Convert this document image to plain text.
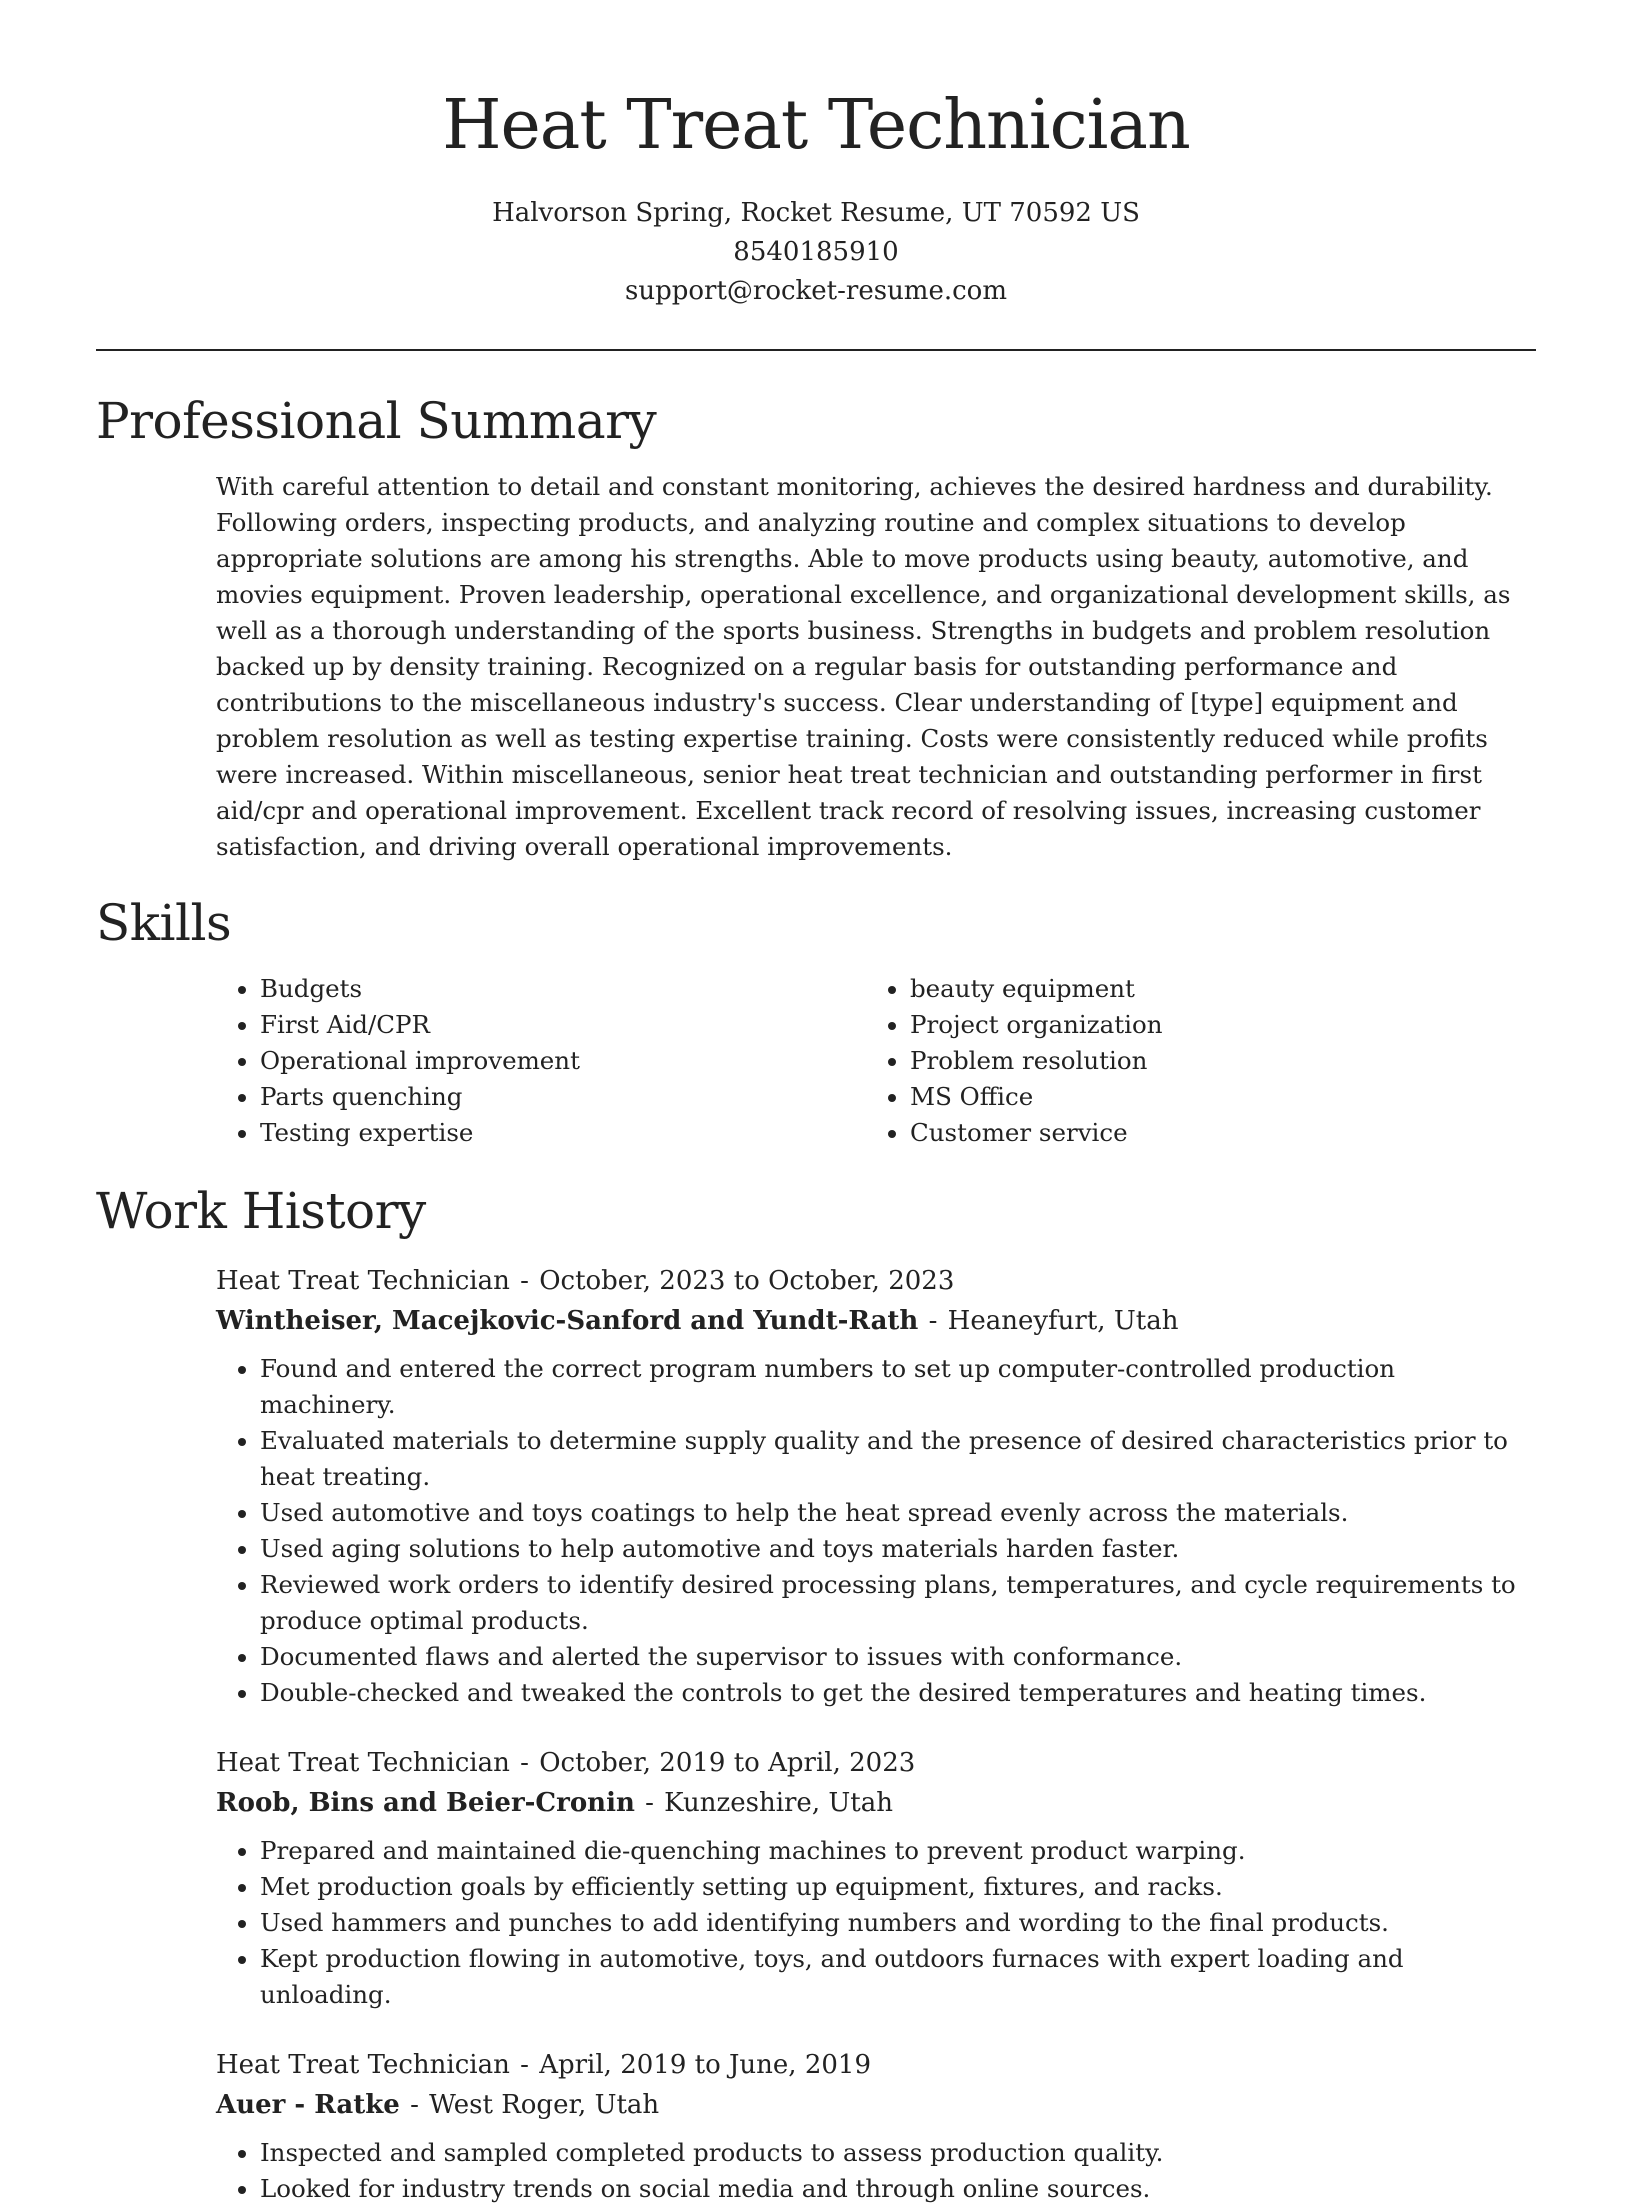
Heat Treat Technician
Halvorson Spring, Rocket Resume, UT 70592 US
8540185910
support@rocket-resume.com
Professional Summary

With careful attention to detail and constant monitoring, achieves the desired hardness and durability. Following orders, inspecting products, and analyzing routine and complex situations to develop appropriate solutions are among his strengths. Able to move products using beauty, automotive, and movies equipment. Proven leadership, operational excellence, and organizational development skills, as well as a thorough understanding of the sports business. Strengths in budgets and problem resolution backed up by density training. Recognized on a regular basis for outstanding performance and contributions to the miscellaneous industry's success. Clear understanding of [type] equipment and problem resolution as well as testing expertise training. Costs were consistently reduced while profits were increased. Within miscellaneous, senior heat treat technician and outstanding performer in first aid/cpr and operational improvement. Excellent track record of resolving issues, increasing customer satisfaction, and driving overall operational improvements.

Skills
• Budgets
• First Aid/CPR
• Operational improvement
• Parts quenching
• Testing expertise
• beauty equipment
• Project organization
• Problem resolution
• MS Office
• Customer service
Work History
Heat Treat Technician - October, 2023 to October, 2023
Wintheiser, Macejkovic-Sanford and Yundt-Rath - Heaneyfurt, Utah
• Found and entered the correct program numbers to set up computer-controlled production machinery.
• Evaluated materials to determine supply quality and the presence of desired characteristics prior to heat treating.
• Used automotive and toys coatings to help the heat spread evenly across the materials.
• Used aging solutions to help automotive and toys materials harden faster.
• Reviewed work orders to identify desired processing plans, temperatures, and cycle requirements to produce optimal products.
• Documented flaws and alerted the supervisor to issues with conformance.
• Double-checked and tweaked the controls to get the desired temperatures and heating times.
Heat Treat Technician - October, 2019 to April, 2023
Roob, Bins and Beier-Cronin - Kunzeshire, Utah
• Prepared and maintained die-quenching machines to prevent product warping.
• Met production goals by efficiently setting up equipment, fixtures, and racks.
• Used hammers and punches to add identifying numbers and wording to the final products.
• Kept production flowing in automotive, toys, and outdoors furnaces with expert loading and unloading.
Heat Treat Technician - April, 2019 to June, 2019
Auer - Ratke - West Roger, Utah
• Inspected and sampled completed products to assess production quality.
• Looked for industry trends on social media and through online sources.
